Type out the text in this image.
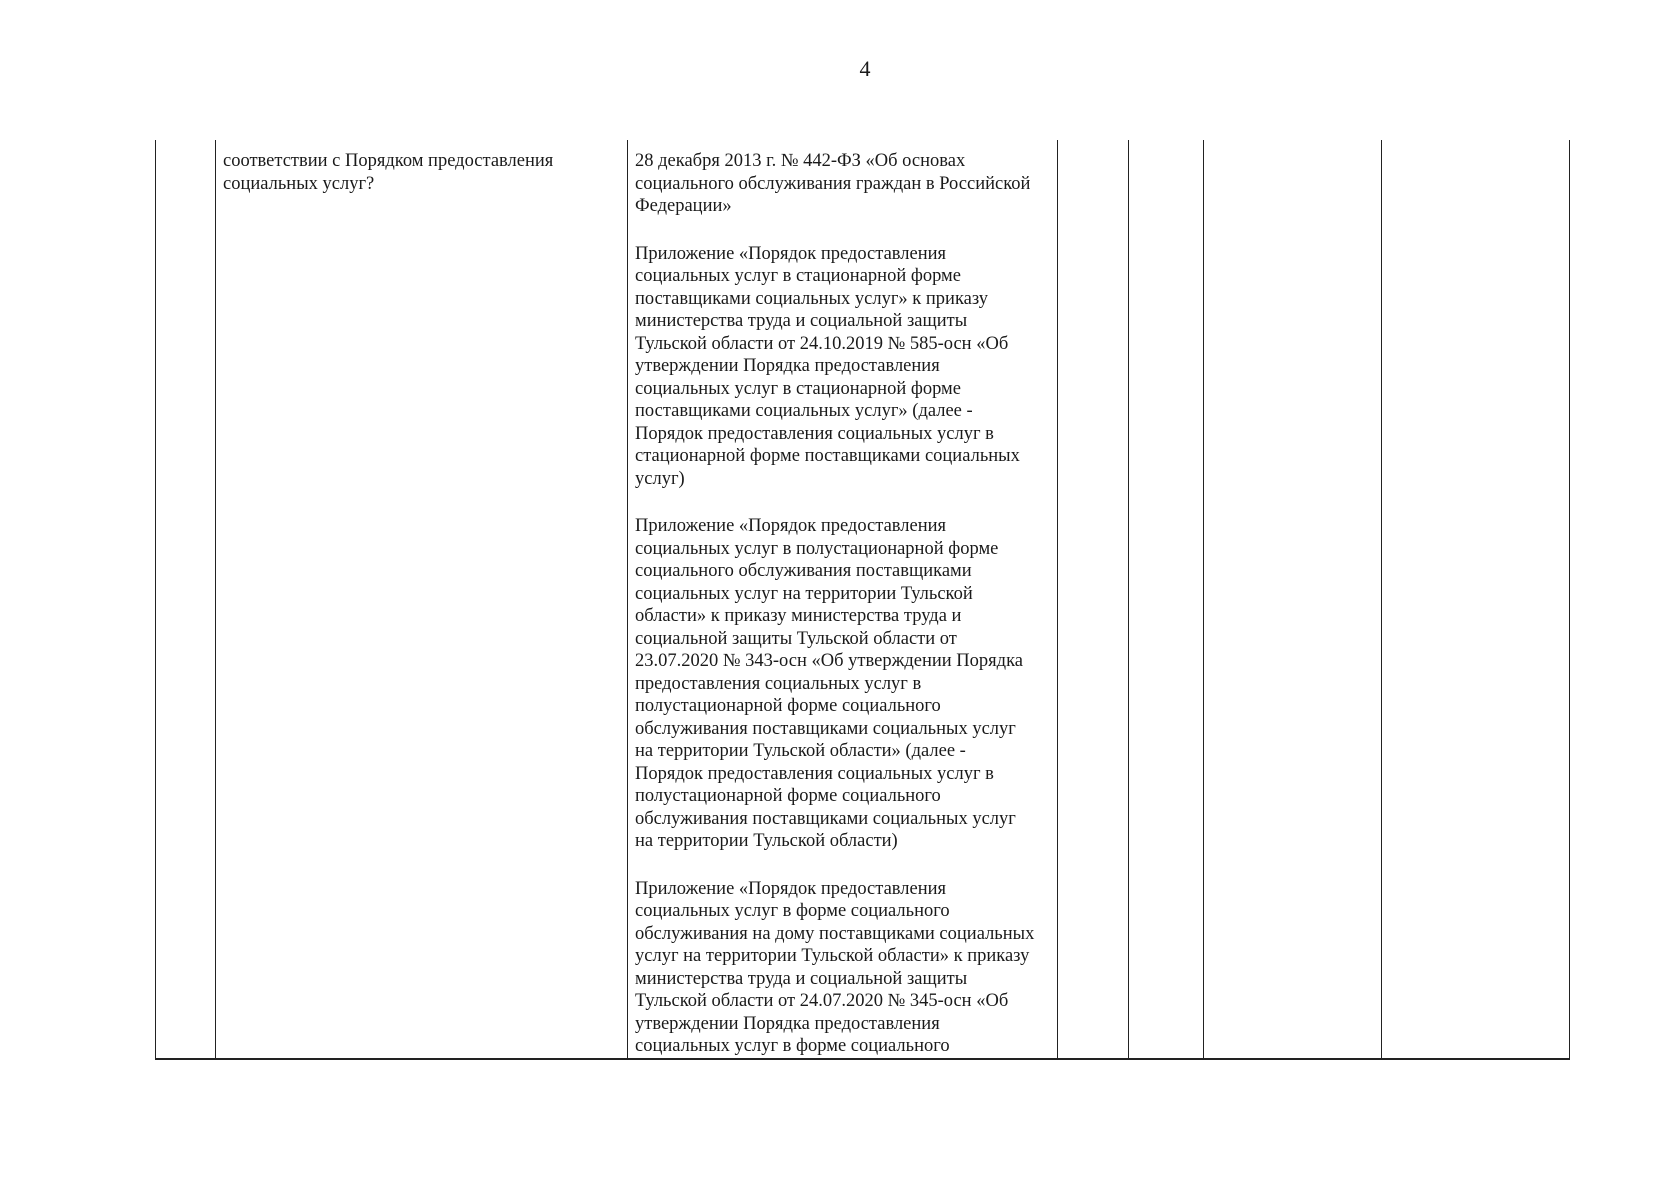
4

соответствии с Порядком предоставления
социальных услуг?

28 декабря 2013 г. № 442-ФЗ «Об основах
социального обслуживания граждан в Российской
Федерации»
Приложение «Порядок предоставления
социальных услуг в стационарной форме
поставщиками социальных услуг» к приказу
министерства труда и социальной защиты
Тульской области от 24.10.2019 № 585-осн «Об
утверждении Порядка предоставления
социальных услуг в стационарной форме
поставщиками социальных услуг» (далее -
Порядок предоставления социальных услуг в
стационарной форме поставщиками социальных
услуг)
Приложение «Порядок предоставления
социальных услуг в полустационарной форме
социального обслуживания поставщиками
социальных услуг на территории Тульской
области» к приказу министерства труда и
социальной защиты Тульской области от
23.07.2020 № 343-осн «Об утверждении Порядка
предоставления социальных услуг в
полустационарной форме социального
обслуживания поставщиками социальных услуг
на территории Тульской области» (далее -
Порядок предоставления социальных услуг в
полустационарной форме социального
обслуживания поставщиками социальных услуг
на территории Тульской области)
Приложение «Порядок предоставления
социальных услуг в форме социального
обслуживания на дому поставщиками социальных
услуг на территории Тульской области» к приказу
министерства труда и социальной защиты
Тульской области от 24.07.2020 № 345-осн «Об
утверждении Порядка предоставления
социальных услуг в форме социального
